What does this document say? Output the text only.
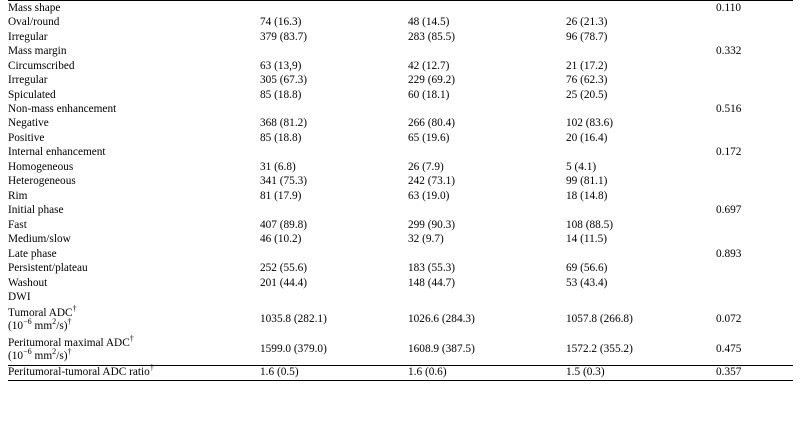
Mass shape				0.110
Oval/round	74 (16.3)	48 (14.5)	26 (21.3)	
Irregular	379 (83.7)	283 (85.5)	96 (78.7)	
Mass margin				0.332
Circumscribed	63 (13,9)	42 (12.7)	21 (17.2)	
Irregular	305 (67.3)	229 (69.2)	76 (62.3)	
Spiculated	85 (18.8)	60 (18.1)	25 (20.5)	
Non-mass enhancement				0.516
Negative	368 (81.2)	266 (80.4)	102 (83.6)	
Positive	85 (18.8)	65 (19.6)	20 (16.4)	
Internal enhancement				0.172
Homogeneous	31 (6.8)	26 (7.9)	5 (4.1)	
Heterogeneous	341 (75.3)	242 (73.1)	99 (81.1)	
Rim	81 (17.9)	63 (19.0)	18 (14.8)	
Initial phase				0.697
Fast	407 (89.8)	299 (90.3)	108 (88.5)	
Medium/slow	46 (10.2)	32 (9.7)	14 (11.5)	
Late phase				0.893
Persistent/plateau	252 (55.6)	183 (55.3)	69 (56.6)	
Washout	201 (44.4)	148 (44.7)	53 (43.4)	
DWI				
Tumoral ADC†
($10^{-6}$ $mm^2/s)^\dagger$	1035.8 (282.1)	1026.6 (284.3)	1057.8 (266.8)	0.072
Peritumoral maximal ADC†
($10^{-6}$ $mm^2/s)^\dagger$	1599.0 (379.0)	1608.9 (387.5)	1572.2 (355.2)	0.475
Peritumoral-tumoral ADC ratio†	1.6 (0.5)	1.6 (0.6)	1.5 (0.3)	0.357
